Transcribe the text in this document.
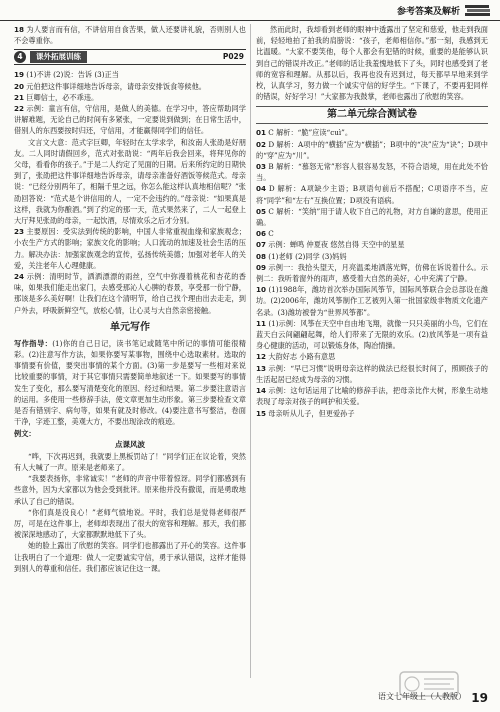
参考答案及解析

18 为人要言而有信，不讲信用自食苦果，做人还要讲礼貌，否则别人也不会尊重你。

4	课外拓展训练	P029

19 (1)不讲 (2)说：告诉 (3)正当

20 元伯把这件事详细地告诉母亲，请母亲安排饭食等候他。

21 巨卿信士，必不乖违。

22 示例：童言有信，守信用，是做人的美德。在学习中，答应帮助同学讲解难题，无论自己的时间有多紧张，一定要说到做到；在日常生活中，借别人的东西要按时归还，守信用，才能赢得同学们的信任。

文言文大意：范式字巨卿，年轻时在太学求学，和汝南人张劭是好朋友。二人同时请假回乡，范式对张劭说：“两年后我会回来，将拜见你的父母，看看你的孩子。”于是二人约定了见面的日期。后来所约定的日期快到了，张劭把这件事详细地告诉母亲，请母亲准备好酒饭等候范式。母亲说：“已经分别两年了，相隔千里之远，你怎么能这样认真地相信呢？”张劭回答说：“范式是个讲信用的人，一定不会违约的。”母亲说：“如果真是这样，我就为你酿酒。”到了约定的那一天，范式果然来了，二人一起登上大厅拜见张劭的母亲，一起饮酒，尽情欢乐之后才分别。

23 主要原因：受实法到传统的影响，中国人非常重视血缘和家族观念；小农生产方式的影响；家族文化的影响；人口流动的加速及社会生活的压力。解决办法：加强家族观念的宣传，弘扬传统美德；加强对老年人的关爱，关注老年人心理健康。

24 示例：清明时节，洒洒漂漂的雨丝，空气中弥漫着桃花和杏花的香味，如果我们能走出家门，去感受那沁人心脾的春景，享受那一份宁静，那该是多么美好啊！让我们在这个清明节，给自己找个理由出去走走，到户外去，呼吸新鲜空气，放松心情，让心灵与大自然亲密接触。

单元写作

写作指导：(1)你的自己日记，读书笔记或随笔中所记的事情可能很精彩。(2)注意写作方法，如果你要写某事物，围绕中心选取素材。选取的事情要有价值，要突出事情的某个方面。(3)第一步是要写一些相对来说比较重要的事情，对于其它事情只需要简单地叙述一下。如果要写的事情发生了变化，那么要写清楚变化的原因、经过和结果。第二步要注意语言的运用。多使用一些修辞手法，使文章更加生动形象。第三步要检查文章是否有错别字、病句等，如果有就及时修改。(4)要注意书写整洁，卷面干净，字迹工整，美观大方，不要出现涂改的痕迹。

例文：

点课风波

“哗，下次再迟到，我就要上黑板罚站了！”同学们正在议论着，突然有人大喊了一声。原来是老师来了。

“我要表扬你，非常诚实！”老师的声音中带着惊讶。同学们都感到有些意外，因为大家都以为他会受到批评。原来他并没有撒谎，而是勇敢地承认了自己的错误。

“你们真是没良心！”老师气愤地说。平时，我们总是觉得老师很严厉，可是在这件事上，老师却表现出了很大的宽容和理解。那天，我们都被深深地感动了，大家都默默地低下了头。

她的脸上露出了欣慰的笑容。同学们也都露出了开心的笑容。这件事让我明白了一个道理：做人一定要诚实守信，勇于承认错误，这样才能得到别人的尊重和信任。我们都应该记住这一课。

然而此时，我却看到老师的眼神中透露出了坚定和慈爱，他走到我面前，轻轻地拍了拍我的肩膀说：“孩子，老师相信你。”那一刻，我感到无比温暖。“大家不要笑他，每个人都会有犯错的时候，重要的是能够认识到自己的错误并改正。”老师的话让我羞愧地低下了头，同时也感受到了老师的宽容和理解。从那以后，我再也没有迟到过，每天都早早地来到学校，认真学习，努力做一个诚实守信的好学生。“下课了，不要再犯同样的错误，好好学习！”大家都为我鼓掌，老师也露出了欣慰的笑容。

第二单元综合测试卷

01 C 解析：“脆”应读“cuì”。

02 D 解析：A项中的“横插”应为“横插”；B项中的“决”应为“诀”；D项中的“穿”应为“川”。

03 B 解析：“慕怒无常”形容人很容易发怒，不符合语境，用在此处不恰当。

04 D 解析：A项缺少主语；B项语句前后不搭配；C项语序不当，应将“同学”和“左右”互换位置；D项没有语病。

05 C 解析：“笑纳”用于请人收下自己的礼物，对方自谦的意思，使用正确。

06 C

07 示例：蝉鸣 仲夏夜 悠然自得 天空中的星星

08 (1)老师 (2)同学 (3)妈妈

09 示例一：我拾头望天，月亮温柔地洒落光辉，仿佛在诉说着什么。示例二：我听着窗外的雨声，感受着大自然的美好，心中充满了宁静。

10 (1)1988年，潍坊首次举办国际风筝节，国际风筝联合会总部设在潍坊。(2)2006年，潍坊风筝制作工艺被列入第一批国家级非物质文化遗产名录。(3)潍坊被誉为“世界风筝都”。

11 (1)示例：风筝在天空中自由地飞翔，就像一只只美丽的小鸟，它们在蓝天白云间翩翩起舞，给人们带来了无限的欢乐。(2)放风筝是一项有益身心健康的活动，可以锻炼身体，陶冶情操。

12 大韵好志 小路有意思

13 示例：“早已习惯”说明母亲这样的做法已经很长时间了，照顾孩子的生活起居已经成为母亲的习惯。

14 示例：这句话运用了比喻的修辞手法，把母亲比作大树，形象生动地表现了母亲对孩子的呵护和关爱。

15 母亲听从儿子，但更爱孙子

语文七年级上（人教版） 19
